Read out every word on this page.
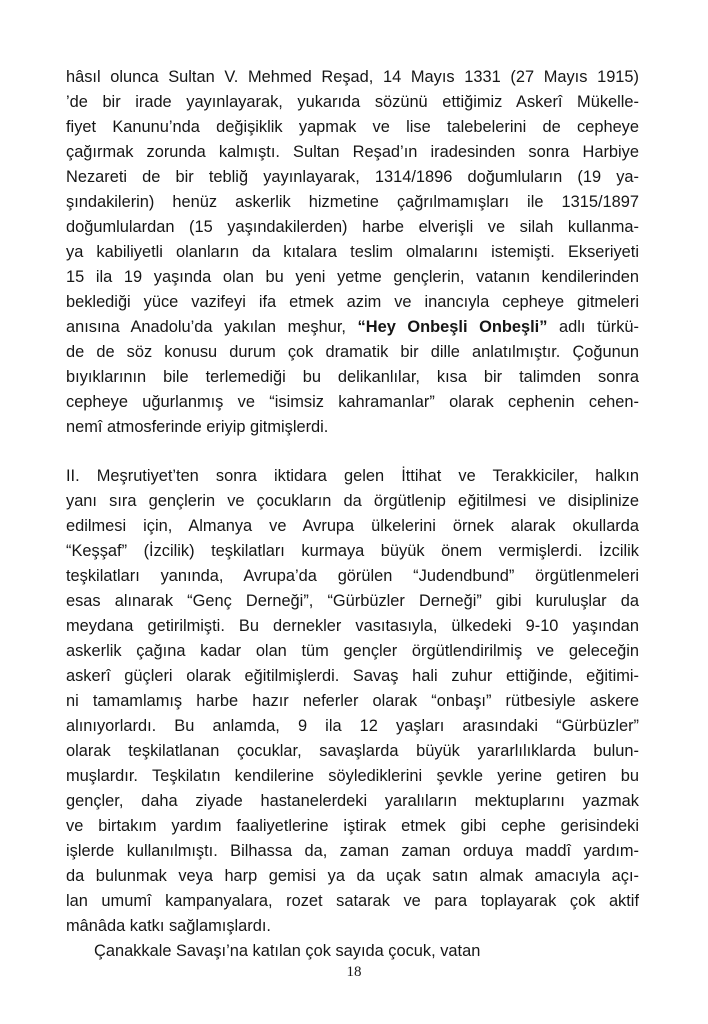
hâsıl olunca Sultan V. Mehmed Reşad, 14 Mayıs 1331 (27 Mayıs 1915)
’de bir irade yayınlayarak, yukarıda sözünü ettiğimiz Askerî Mükelle-
fiyet Kanunu’nda değişiklik yapmak ve lise talebelerini de cepheye
çağırmak zorunda kalmıştı. Sultan Reşad’ın iradesinden sonra Harbiye
Nezareti de bir tebliğ yayınlayarak, 1314/1896 doğumluların (19 ya-
şındakilerin) henüz askerlik hizmetine çağrılmamışları ile 1315/1897
doğumlulardan (15 yaşındakilerden) harbe elverişli ve silah kullanma-
ya kabiliyetli olanların da kıtalara teslim olmalarını istemişti. Ekseriyeti
15 ila 19 yaşında olan bu yeni yetme gençlerin, vatanın kendilerinden
beklediği yüce vazifeyi ifa etmek azim ve inancıyla cepheye gitmeleri
anısına Anadolu’da yakılan meşhur, “Hey Onbeşli Onbeşli” adlı türkü-
de de söz konusu durum çok dramatik bir dille anlatılmıştır. Çoğunun
bıyıklarının bile terlemediği bu delikanlılar, kısa bir talimden sonra
cepheye uğurlanmış ve “isimsiz kahramanlar” olarak cephenin cehen-
nemî atmosferinde eriyip gitmişlerdi.
II. Meşrutiyet’ten sonra iktidara gelen İttihat ve Terakkiciler, halkın
yanı sıra gençlerin ve çocukların da örgütlenip eğitilmesi ve disiplinize
edilmesi için, Almanya ve Avrupa ülkelerini örnek alarak okullarda
“Keşşaf” (İzcilik) teşkilatları kurmaya büyük önem vermişlerdi. İzcilik
teşkilatları yanında, Avrupa’da görülen “Judendbund” örgütlenmeleri
esas alınarak “Genç Derneği”, “Gürbüzler Derneği” gibi kuruluşlar da
meydana getirilmişti. Bu dernekler vasıtasıyla, ülkedeki 9-10 yaşından
askerlik çağına kadar olan tüm gençler örgütlendirilmiş ve geleceğin
askerî güçleri olarak eğitilmişlerdi. Savaş hali zuhur ettiğinde, eğitimi-
ni tamamlamış harbe hazır neferler olarak “onbaşı” rütbesiyle askere
alınıyorlardı. Bu anlamda, 9 ila 12 yaşları arasındaki “Gürbüzler”
olarak teşkilatlanan çocuklar, savaşlarda büyük yararlılıklarda bulun-
muşlardır. Teşkilatın kendilerine söylediklerini şevkle yerine getiren bu
gençler, daha ziyade hastanelerdeki yaralıların mektuplarını yazmak
ve birtakım yardım faaliyetlerine iştirak etmek gibi cephe gerisindeki
işlerde kullanılmıştı. Bilhassa da, zaman zaman orduya maddî yardım-
da bulunmak veya harp gemisi ya da uçak satın almak amacıyla açı-
lan umumî kampanyalara, rozet satarak ve para toplayarak çok aktif
mânâda katkı sağlamışlardı.
Çanakkale Savaşı’na katılan çok sayıda çocuk, vatan
18
